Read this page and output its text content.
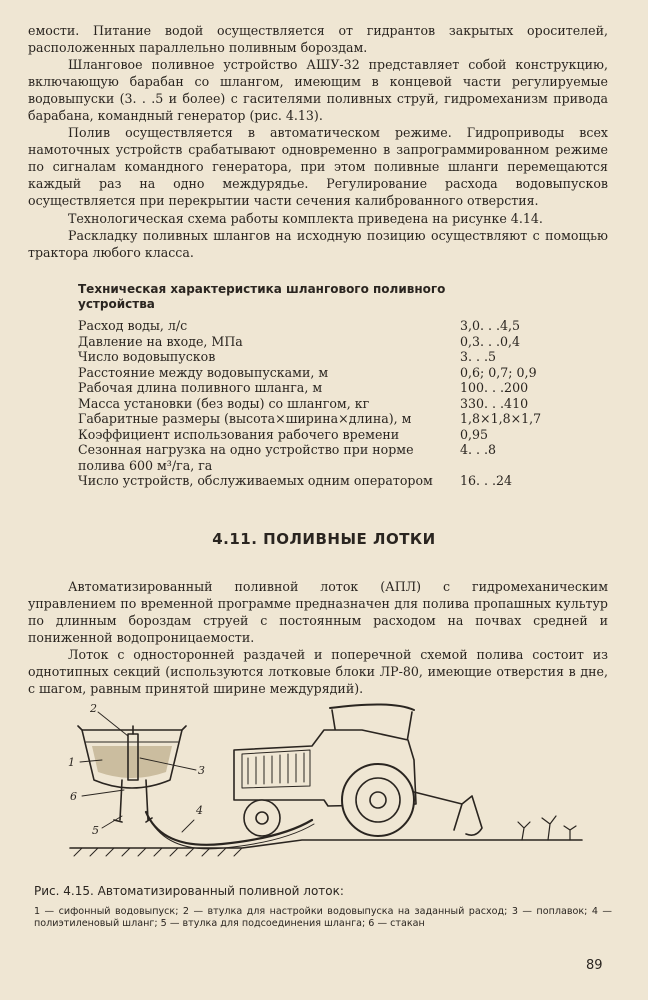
емости. Питание водой осуществляется от гидрантов закрытых оросителей, расположенных параллельно поливным бороздам.

Шланговое поливное устройство АШУ-32 представляет собой конструкцию, включающую барабан со шлангом, имеющим в концевой части регулируемые водовыпуски (3. . .5 и более) с гасителями поливных струй, гидромеханизм привода барабана, командный генератор (рис. 4.13).

Полив осуществляется в автоматическом режиме. Гидроприводы всех намоточных устройств срабатывают одновременно в запрограммированном режиме по сигналам командного генератора, при этом поливные шланги перемещаются каждый раз на одно междурядье. Регулирование расхода водовыпусков осуществляется при перекрытии части сечения калиброванного отверстия.

Технологическая схема работы комплекта приведена на рисунке 4.14.

Раскладку поливных шлангов на исходную позицию осуществляют с помощью трактора любого класса.

Техническая характеристика шлангового поливного устройства

Расход воды, л/с	3,0. . .4,5
Давление на входе, МПа	0,3. . .0,4
Число водовыпусков	3. . .5
Расстояние между водовыпусками, м	0,6; 0,7; 0,9
Рабочая длина поливного шланга, м	100. . .200
Масса установки (без воды) со шлангом, кг	330. . .410
Габаритные размеры (высота×ширина×длина), м	1,8×1,8×1,7
Коэффициент использования рабочего времени	0,95
Сезонная нагрузка на одно устройство при норме полива 600 м³/га, га
4. . .8
Число устройств, обслуживаемых одним оператором	16. . .24
4.11. ПОЛИВНЫЕ ЛОТКИ

Автоматизированный поливной лоток (АПЛ) с гидромеханическим управлением по временной программе предназначен для полива пропашных культур по длинным бороздам струей с постоянным расходом на почвах средней и пониженной водопроницаемости.

Лоток с односторонней раздачей и поперечной схемой полива состоит из однотипных секций (используются лотковые блоки ЛР-80, имеющие отверстия в дне, с шагом, равным принятой ширине междурядий).

2
1
3
6
4
5

Рис. 4.15. Автоматизированный поливной лоток:

1 — сифонный водовыпуск; 2 — втулка для настройки водовыпуска на заданный расход; 3 — поплавок; 4 — полиэтиленовый шланг; 5 — втулка для подсоединения шланга; 6 — стакан

89
